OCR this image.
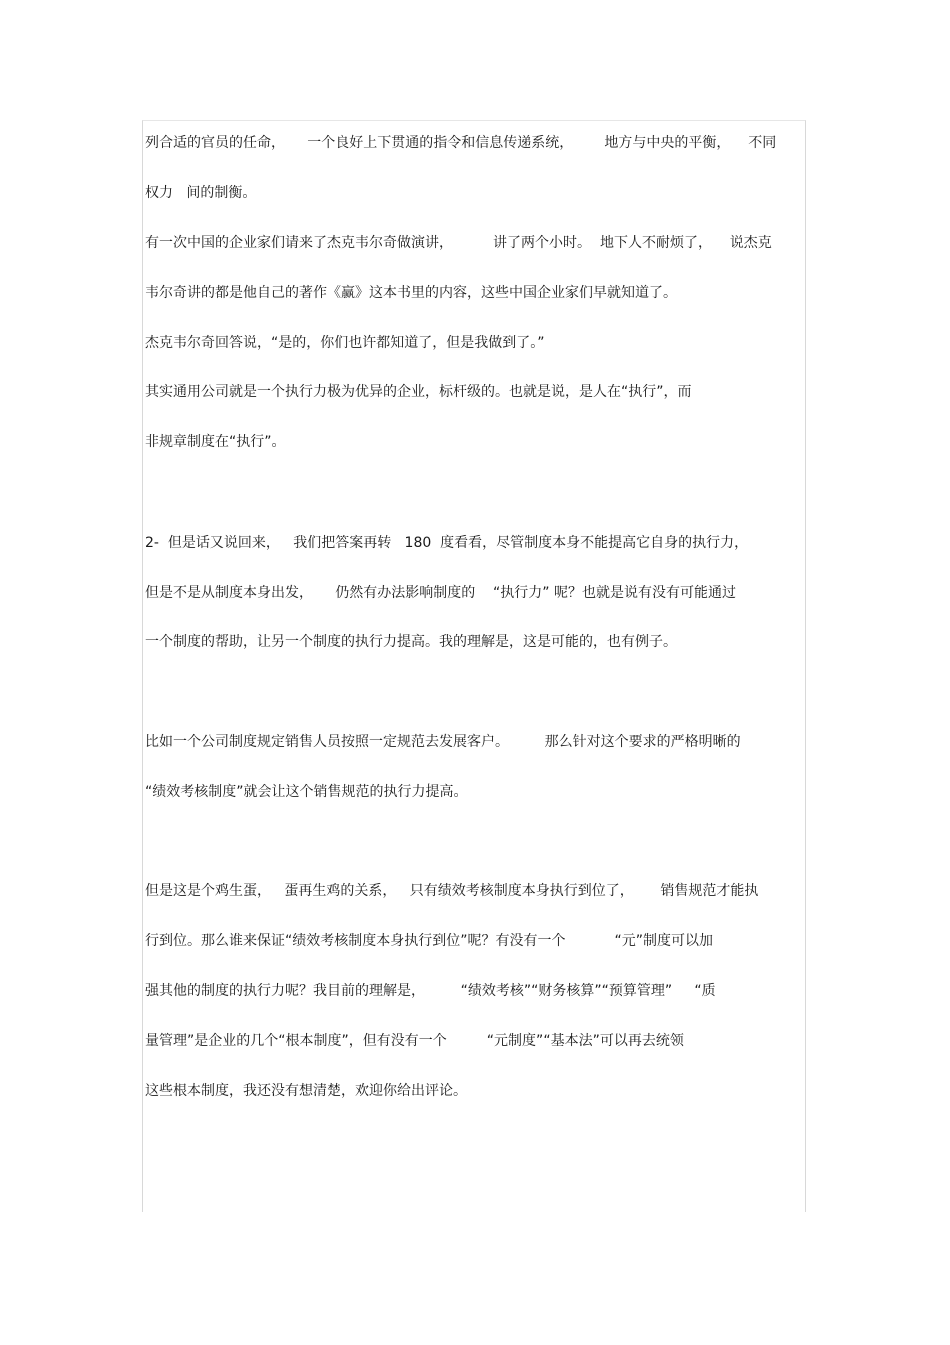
列合适的官员的任命，     一个良好上下贯通的指令和信息传递系统，       地方与中央的平衡，    不同
权力   间的制衡。
有一次中国的企业家们请来了杰克韦尔奇做演讲，         讲了两个小时。  地下人不耐烦了，    说杰克
韦尔奇讲的都是他自己的著作《赢》这本书里的内容，这些中国企业家们早就知道了。
杰克韦尔奇回答说，“是的，你们也许都知道了，但是我做到了。”
其实通用公司就是一个执行力极为优异的企业，标杆级的。也就是说，是人在“执行”，而
非规章制度在“执行”。
2-  但是话又说回来，   我们把答案再转   180  度看看，尽管制度本身不能提高它自身的执行力，
但是不是从制度本身出发，     仍然有办法影响制度的    “执行力” 呢？也就是说有没有可能通过
一个制度的帮助，让另一个制度的执行力提高。我的理解是，这是可能的，也有例子。
比如一个公司制度规定销售人员按照一定规范去发展客户。        那么针对这个要求的严格明晰的
“绩效考核制度”就会让这个销售规范的执行力提高。
但是这是个鸡生蛋，   蛋再生鸡的关系，   只有绩效考核制度本身执行到位了，      销售规范才能执
行到位。那么谁来保证“绩效考核制度本身执行到位”呢？有没有一个           “元”制度可以加
强其他的制度的执行力呢？我目前的理解是，        “绩效考核”“财务核算”“预算管理”     “质
量管理”是企业的几个“根本制度”，但有没有一个         “元制度”“基本法”可以再去统领
这些根本制度，我还没有想清楚，欢迎你给出评论。
